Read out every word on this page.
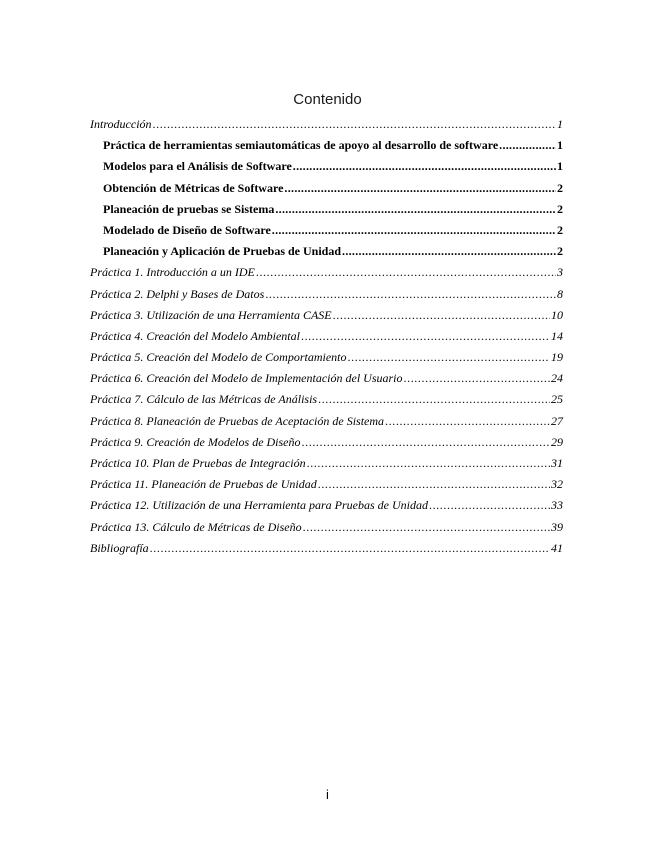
Contenido
Introducción .....	1
Práctica de herramientas semiautomáticas de apoyo al desarrollo de software .....	1
Modelos para el Análisis de Software .....	1
Obtención de Métricas de Software .....	2
Planeación de pruebas se Sistema .....	2
Modelado de Diseño de Software .....	2
Planeación y Aplicación de Pruebas de Unidad .....	2
Práctica 1. Introducción a un IDE .....	3
Práctica 2. Delphi y Bases de Datos .....	8
Práctica 3. Utilización de una Herramienta CASE .....	10
Práctica 4. Creación del Modelo Ambiental .....	14
Práctica 5. Creación del Modelo de Comportamiento .....	19
Práctica 6. Creación del Modelo de Implementación del Usuario .....	24
Práctica 7. Cálculo de las Métricas de Análisis .....	25
Práctica 8. Planeación de Pruebas de Aceptación de Sistema .....	27
Práctica 9. Creación de Modelos de Diseño .....	29
Práctica 10. Plan de Pruebas de Integración .....	31
Práctica 11. Planeación de Pruebas de Unidad .....	32
Práctica 12. Utilización de una Herramienta para Pruebas de Unidad .....	33
Práctica 13. Cálculo de Métricas de Diseño .....	39
Bibliografía .....	41
i
